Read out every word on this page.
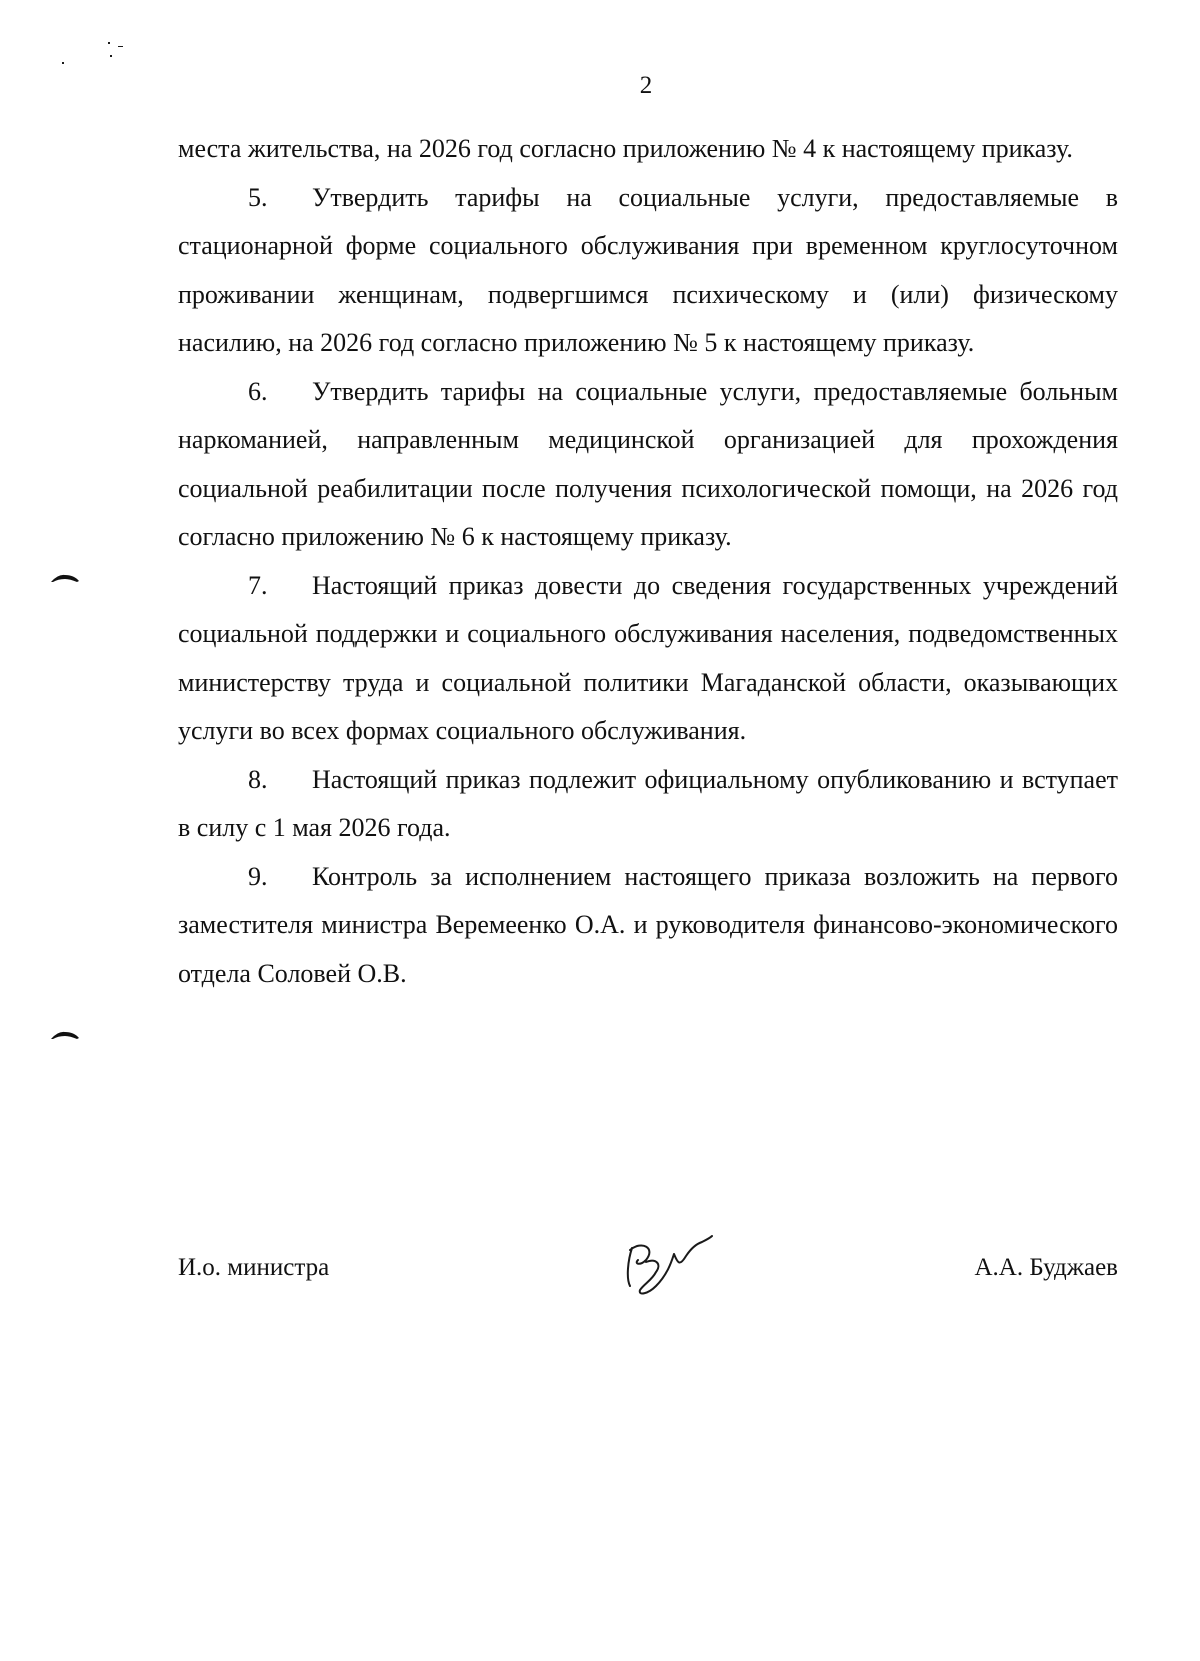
2

места жительства, на 2026 год согласно приложению № 4 к настоящему приказу.

5. Утвердить тарифы на социальные услуги, предоставляемые в стационарной форме социального обслуживания при временном круглосуточном проживании женщинам, подвергшимся психическому и (или) физическому насилию, на 2026 год согласно приложению № 5 к настоящему приказу.

6. Утвердить тарифы на социальные услуги, предоставляемые больным наркоманией, направленным медицинской организацией для прохождения социальной реабилитации после получения психологической помощи, на 2026 год согласно приложению № 6 к настоящему приказу.

7. Настоящий приказ довести до сведения государственных учреждений социальной поддержки и социального обслуживания населения, подведомственных министерству труда и социальной политики Магаданской области, оказывающих услуги во всех формах социального обслуживания.

8. Настоящий приказ подлежит официальному опубликованию и вступает в силу с 1 мая 2026 года.

9. Контроль за исполнением настоящего приказа возложить на первого заместителя министра Веремеенко О.А. и руководителя финансово-экономического отдела Соловей О.В.

И.о. министра	А.А. Буджаев
